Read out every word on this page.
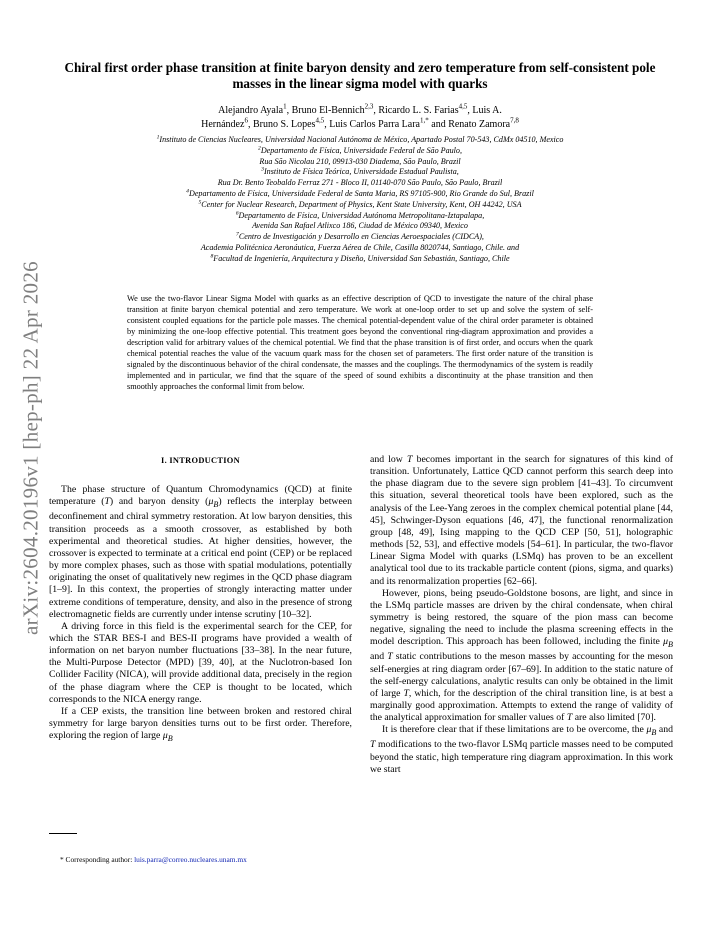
arXiv:2604.20196v1 [hep-ph] 22 Apr 2026
Chiral first order phase transition at finite baryon density and zero temperature from self-consistent pole masses in the linear sigma model with quarks
Alejandro Ayala$^1$, Bruno El-Bennich$^{2,3}$, Ricardo L. S. Farias$^{4,5}$, Luis A.
Hernández$^6$, Bruno S. Lopes$^{4,5}$, Luis Carlos Parra Lara$^{1,*}$ and Renato Zamora$^{7,8}$
$^1$Instituto de Ciencias Nucleares, Universidad Nacional Autónoma de México, Apartado Postal 70-543, CdMx 04510, Mexico
$^2$Departamento de Física, Universidade Federal de São Paulo,
Rua São Nicolau 210, 09913-030 Diadema, São Paulo, Brazil
$^3$Instituto de Física Teórica, Universidade Estadual Paulista,
Rua Dr. Bento Teobaldo Ferraz 271 - Bloco II, 01140-070 São Paulo, São Paulo, Brazil
$^4$Departamento de Física, Universidade Federal de Santa Maria, RS 97105-900, Rio Grande do Sul, Brazil
$^5$Center for Nuclear Research, Department of Physics, Kent State University, Kent, OH 44242, USA
$^6$Departamento de Física, Universidad Autónoma Metropolitana-Iztapalapa,
Avenida San Rafael Atlixco 186, Ciudad de México 09340, Mexico
$^7$Centro de Investigación y Desarrollo en Ciencias Aeroespaciales (CIDCA),
Academia Politécnica Aeronáutica, Fuerza Aérea de Chile, Casilla 8020744, Santiago, Chile. and
$^8$Facultad de Ingeniería, Arquitectura y Diseño, Universidad San Sebastián, Santiago, Chile

We use the two-flavor Linear Sigma Model with quarks as an effective description of QCD to investigate the nature of the chiral phase transition at finite baryon chemical potential and zero temperature. We work at one-loop order to set up and solve the system of self-consistent coupled equations for the particle pole masses. The chemical potential-dependent value of the chiral order parameter is obtained by minimizing the one-loop effective potential. This treatment goes beyond the conventional ring-diagram approximation and provides a description valid for arbitrary values of the chemical potential. We find that the phase transition is of first order, and occurs when the quark chemical potential reaches the value of the vacuum quark mass for the chosen set of parameters. The first order nature of the transition is signaled by the discontinuous behavior of the chiral condensate, the masses and the couplings. The thermodynamics of the system is readily implemented and in particular, we find that the square of the speed of sound exhibits a discontinuity at the phase transition and then smoothly approaches the conformal limit from below.

I. INTRODUCTION

The phase structure of Quantum Chromodynamics (QCD) at finite temperature (T) and baryon density $(\mu_B)$ reflects the interplay between deconfinement and chiral symmetry restoration. At low baryon densities, this transition proceeds as a smooth crossover, as established by both experimental and theoretical studies. At higher densities, however, the crossover is expected to terminate at a critical end point (CEP) or be replaced by more complex phases, such as those with spatial modulations, potentially originating the onset of qualitatively new regimes in the QCD phase diagram [1–9]. In this context, the properties of strongly interacting matter under extreme conditions of temperature, density, and also in the presence of strong electromagnetic fields are currently under intense scrutiny [10–32].

A driving force in this field is the experimental search for the CEP, for which the STAR BES-I and BES-II programs have provided a wealth of information on net baryon number fluctuations [33–38]. In the near future, the Multi-Purpose Detector (MPD) [39, 40], at the Nuclotron-based Ion Collider Facility (NICA), will provide additional data, precisely in the region of the phase diagram where the CEP is thought to be located, which corresponds to the NICA energy range.

If a CEP exists, the transition line between broken and restored chiral symmetry for large baryon densities turns out to be first order. Therefore, exploring the region of large $\mu_B$

and low T becomes important in the search for signatures of this kind of transition. Unfortunately, Lattice QCD cannot perform this search deep into the phase diagram due to the severe sign problem [41–43]. To circumvent this situation, several theoretical tools have been explored, such as the analysis of the Lee-Yang zeroes in the complex chemical potential plane [44, 45], Schwinger-Dyson equations [46, 47], the functional renormalization group [48, 49], Ising mapping to the QCD CEP [50, 51], holographic methods [52, 53], and effective models [54–61]. In particular, the two-flavor Linear Sigma Model with quarks (LSMq) has proven to be an excellent analytical tool due to its trackable particle content (pions, sigma, and quarks) and its renormalization properties [62–66].

However, pions, being pseudo-Goldstone bosons, are light, and since in the LSMq particle masses are driven by the chiral condensate, when chiral symmetry is being restored, the square of the pion mass can become negative, signaling the need to include the plasma screening effects in the model description. This approach has been followed, including the finite $\mu_B$ and T static contributions to the meson masses by accounting for the meson self-energies at ring diagram order [67–69]. In addition to the static nature of the self-energy calculations, analytic results can only be obtained in the limit of large T, which, for the description of the chiral transition line, is at best a marginally good approximation. Attempts to extend the range of validity of the analytical approximation for smaller values of T are also limited [70].

It is therefore clear that if these limitations are to be overcome, the $\mu_B$ and T modifications to the two-flavor LSMq particle masses need to be computed beyond the static, high temperature ring diagram approximation. In this work we start

* Corresponding author: luis.parra@correo.nucleares.unam.mx
